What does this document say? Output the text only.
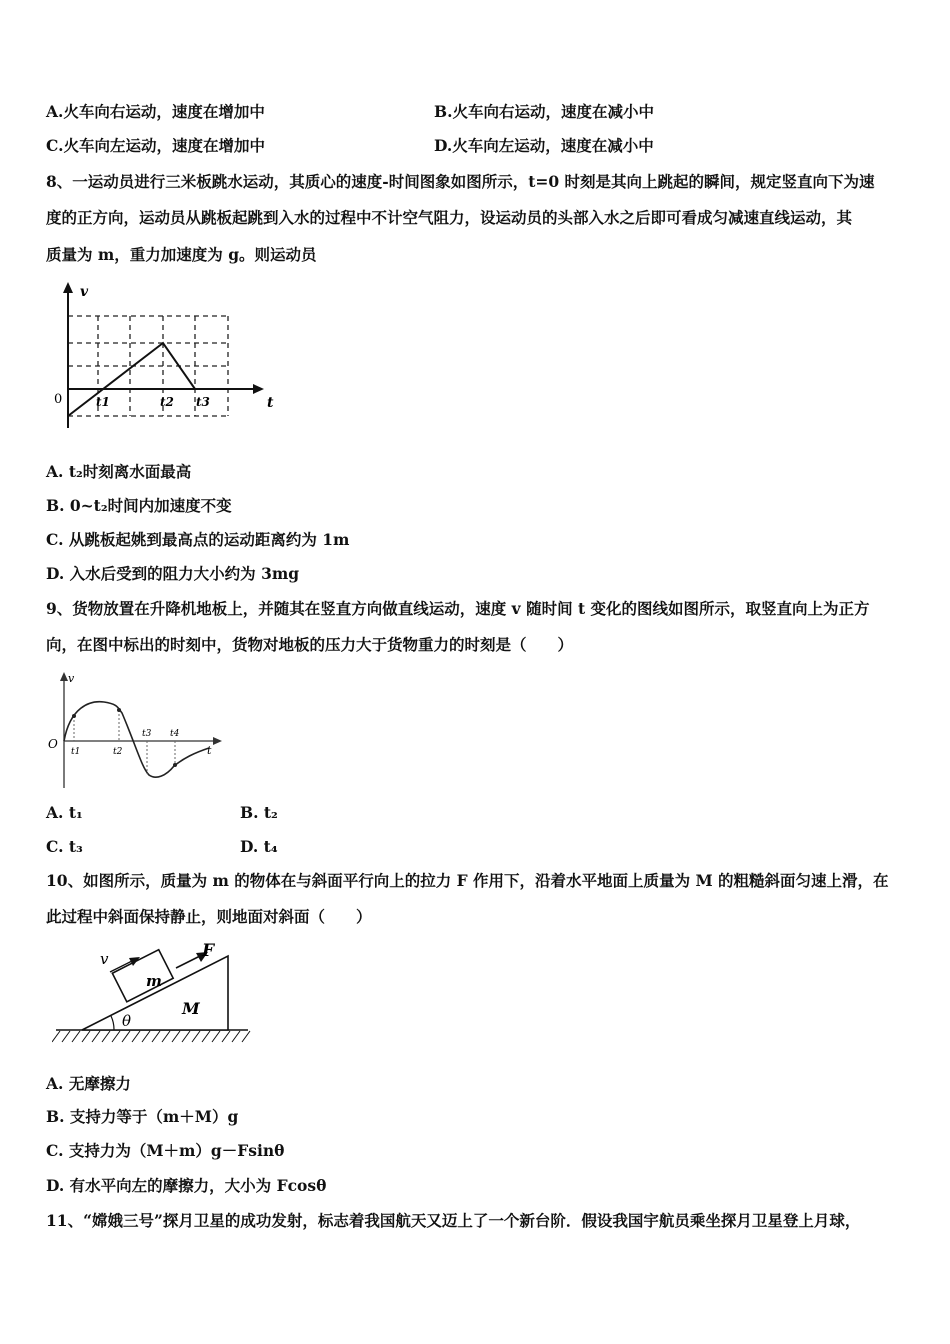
A.火车向右运动，速度在增加中	B.火车向右运动，速度在减小中
C.火车向左运动，速度在增加中	D.火车向左运动，速度在减小中
8、一运动员进行三米板跳水运动，其质心的速度-时间图象如图所示，t=0 时刻是其向上跳起的瞬间，规定竖直向下为速
度的正方向，运动员从跳板起跳到入水的过程中不计空气阻力，设运动员的头部入水之后即可看成匀减速直线运动，其
质量为 m，重力加速度为 g。则运动员
v
t
0	t1	t2 t3
A. t₂时刻离水面最高
B. 0~t₂时间内加速度不变
C. 从跳板起姚到最高点的运动距离约为 1m
D. 入水后受到的阻力大小约为 3mg
9、货物放置在升降机地板上，并随其在竖直方向做直线运动，速度 v 随时间 t 变化的图线如图所示，取竖直向上为正方
向，在图中标出的时刻中，货物对地板的压力大于货物重力的时刻是（　　）
v
t
O
t1	t2
t3 t4
A. t₁	B. t₂
C. t₃	D. t₄
10、如图所示，质量为 m 的物体在与斜面平行向上的拉力 F 作用下，沿着水平地面上质量为 M 的粗糙斜面匀速上滑，在
此过程中斜面保持静止，则地面对斜面（　　）
v	F
m
M
θ
A. 无摩擦力
B. 支持力等于（m＋M）g
C. 支持力为（M＋m）g－Fsinθ
D. 有水平向左的摩擦力，大小为 Fcosθ
11、“嫦娥三号”探月卫星的成功发射，标志着我国航天又迈上了一个新台阶．假设我国宇航员乘坐探月卫星登上月球，
